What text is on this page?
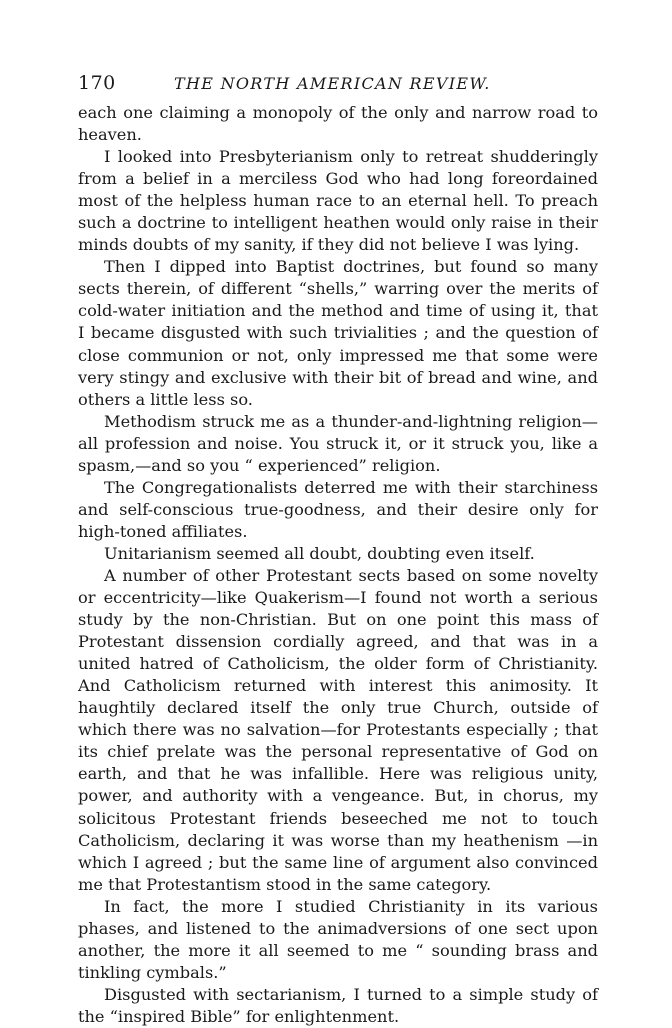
170	THE NORTH AMERICAN REVIEW.

each one claiming a monopoly of the only and narrow road to heaven.

I looked into Presbyterianism only to retreat shudderingly from a belief in a merciless God who had long foreordained most of the helpless human race to an eternal hell. To preach such a doctrine to intelligent heathen would only raise in their minds doubts of my sanity, if they did not believe I was lying.

Then I dipped into Baptist doctrines, but found so many sects therein, of different “shells,” warring over the merits of cold-water initiation and the method and time of using it, that I became disgusted with such trivialities ; and the question of close communion or not, only impressed me that some were very stingy and exclusive with their bit of bread and wine, and others a little less so.

Methodism struck me as a thunder-and-lightning religion—all profession and noise. You struck it, or it struck you, like a spasm,—and so you “ experienced” religion.

The Congregationalists deterred me with their starchiness and self-conscious true-goodness, and their desire only for high-toned affiliates.

Unitarianism seemed all doubt, doubting even itself.

A number of other Protestant sects based on some novelty or eccentricity—like Quakerism—I found not worth a serious study by the non-Christian. But on one point this mass of Protestant dissension cordially agreed, and that was in a united hatred of Catholicism, the older form of Christianity. And Catholicism returned with interest this animosity. It haughtily declared itself the only true Church, outside of which there was no salvation—for Protestants especially ; that its chief prelate was the personal representative of God on earth, and that he was infallible. Here was religious unity, power, and authority with a vengeance. But, in chorus, my solicitous Protestant friends beseeched me not to touch Catholicism, declaring it was worse than my heathenism —in which I agreed ; but the same line of argument also convinced me that Protestantism stood in the same category.

In fact, the more I studied Christianity in its various phases, and listened to the animadversions of one sect upon another, the more it all seemed to me “ sounding brass and tinkling cymbals.”

Disgusted with sectarianism, I turned to a simple study of the “inspired Bible” for enlightenment.
